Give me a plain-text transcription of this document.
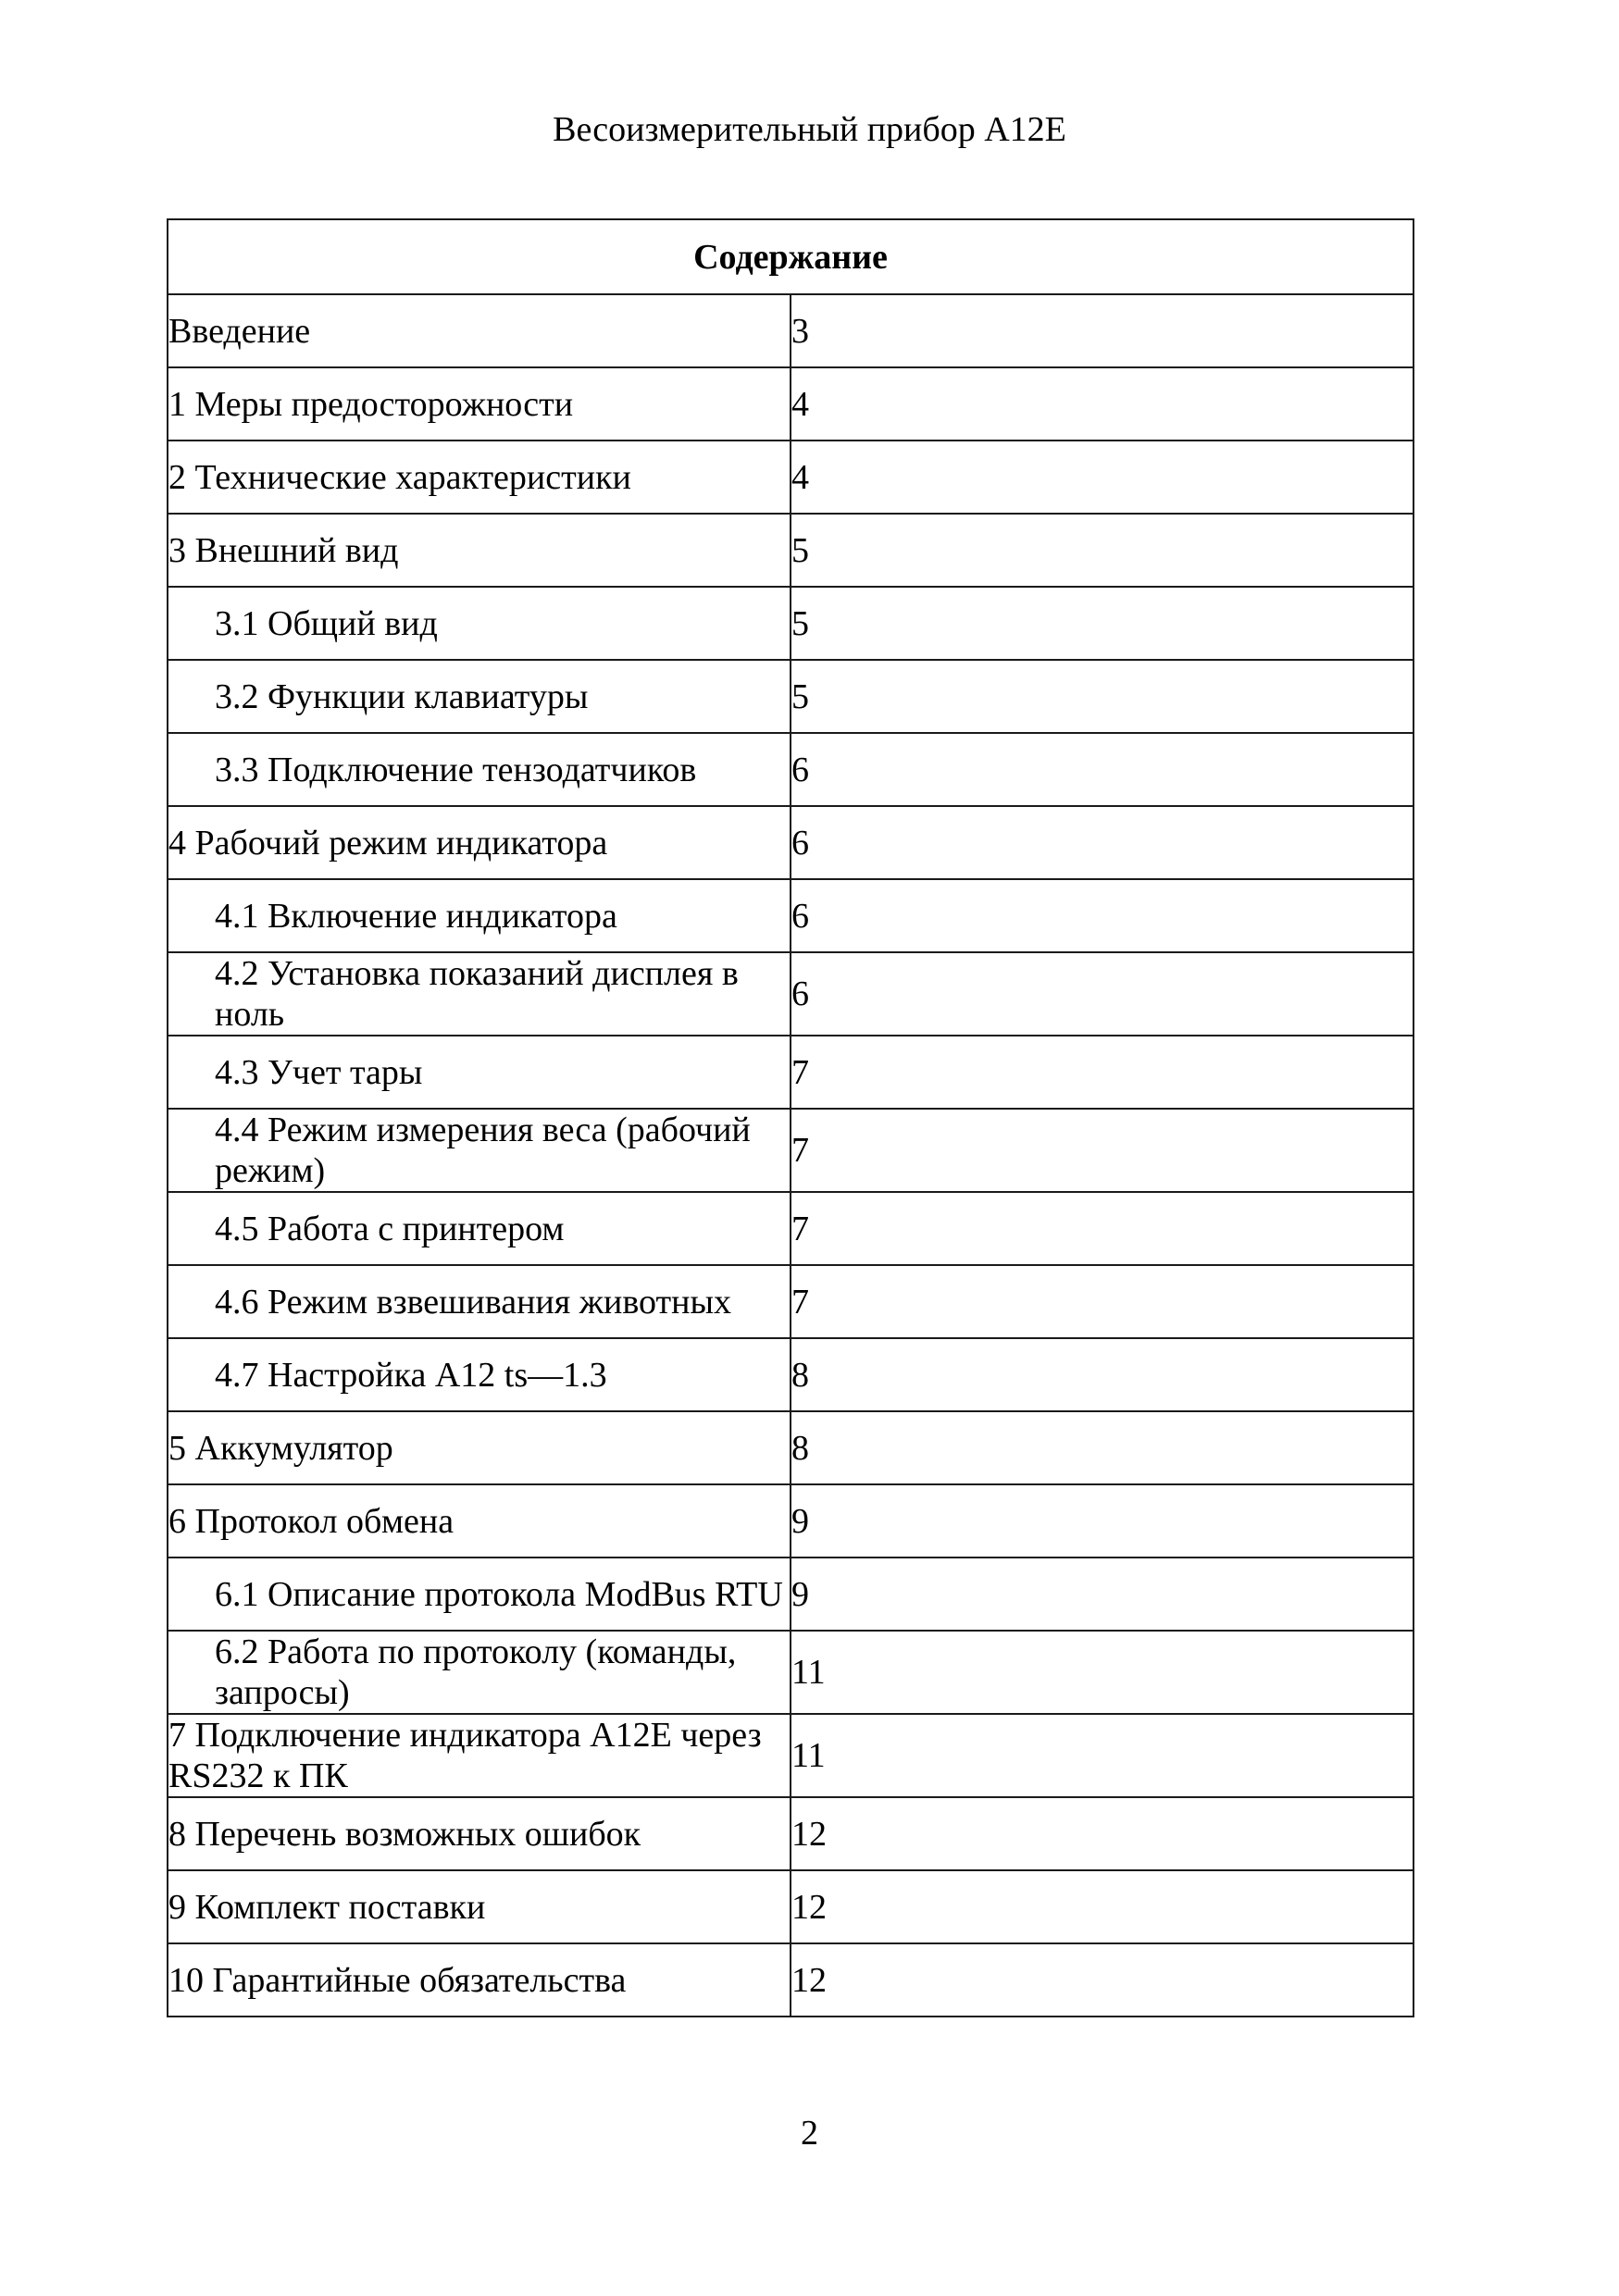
Весоизмерительный прибор А12Е
Содержание	
Введение	3
1 Меры предосторожности	4
2 Технические характеристики	4
3 Внешний вид	5
3.1 Общий вид	5
3.2 Функции клавиатуры	5
3.3 Подключение тензодатчиков	6
4 Рабочий режим индикатора	6
4.1 Включение индикатора	6
4.2 Установка показаний дисплея в ноль	6
4.3 Учет тары	7
4.4 Режим измерения веса (рабочий режим)	7
4.5 Работа с принтером	7
4.6 Режим взвешивания животных	7
4.7 Настройка А12 ts—1.3	8
5 Аккумулятор	8
6 Протокол обмена	9
6.1 Описание протокола ModBus RTU	9
6.2 Работа по протоколу (команды, запросы)	11
7 Подключение индикатора А12Е через RS232 к ПК	11
8 Перечень возможных ошибок	12
9 Комплект поставки	12
10 Гарантийные обязательства	12
2
